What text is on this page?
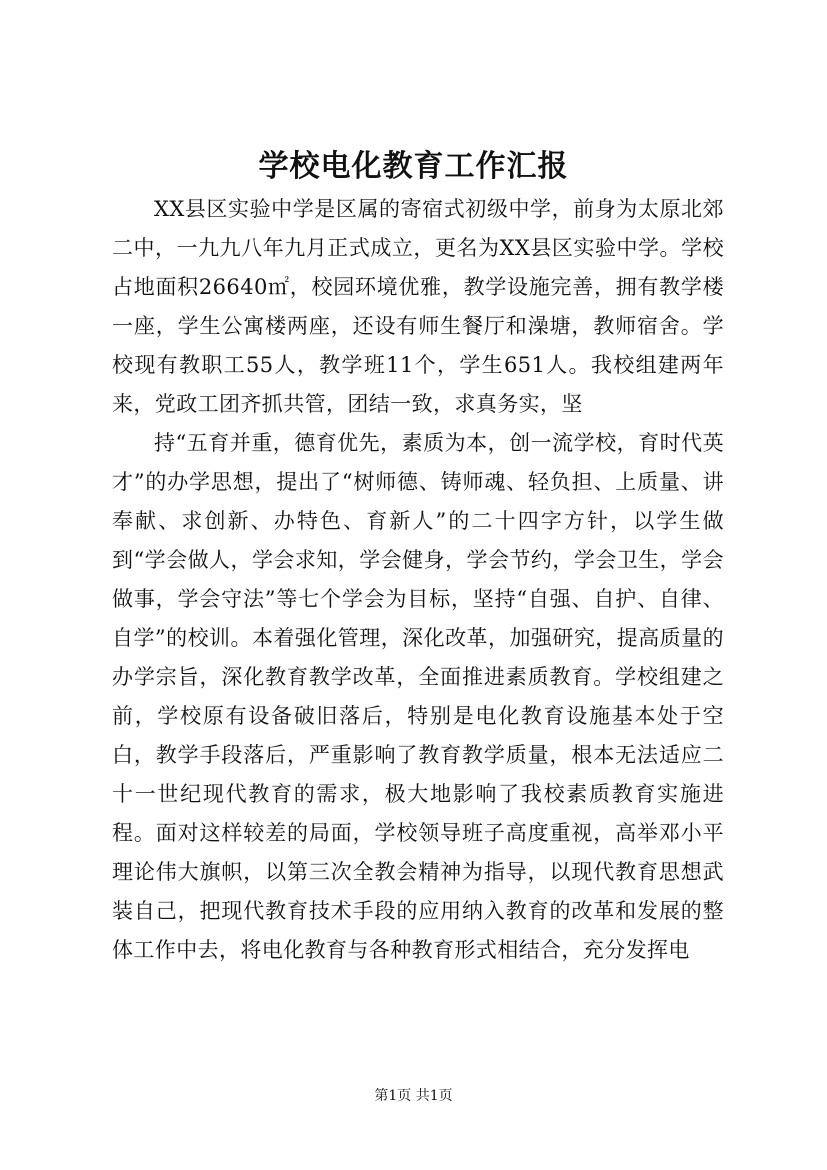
学校电化教育工作汇报

XX县区实验中学是区属的寄宿式初级中学，前身为太原北郊二中，一九九八年九月正式成立，更名为XX县区实验中学。学校占地面积26640㎡，校园环境优雅，教学设施完善，拥有教学楼一座，学生公寓楼两座，还设有师生餐厅和澡塘，教师宿舍。学校现有教职工55人，教学班11个，学生651人。我校组建两年来，党政工团齐抓共管，团结一致，求真务实，坚

持“五育并重，德育优先，素质为本，创一流学校，育时代英才”的办学思想，提出了“树师德、铸师魂、轻负担、上质量、讲奉献、求创新、办特色、育新人”的二十四字方针，以学生做到“学会做人，学会求知，学会健身，学会节约，学会卫生，学会做事，学会守法”等七个学会为目标，坚持“自强、自护、自律、自学”的校训。本着强化管理，深化改革，加强研究，提高质量的办学宗旨，深化教育教学改革，全面推进素质教育。学校组建之前，学校原有设备破旧落后，特别是电化教育设施基本处于空白，教学手段落后，严重影响了教育教学质量，根本无法适应二十一世纪现代教育的需求，极大地影响了我校素质教育实施进程。面对这样较差的局面，学校领导班子高度重视，高举邓小平理论伟大旗帜，以第三次全教会精神为指导，以现代教育思想武装自己，把现代教育技术手段的应用纳入教育的改革和发展的整体工作中去，将电化教育与各种教育形式相结合，充分发挥电

第1页 共1页
